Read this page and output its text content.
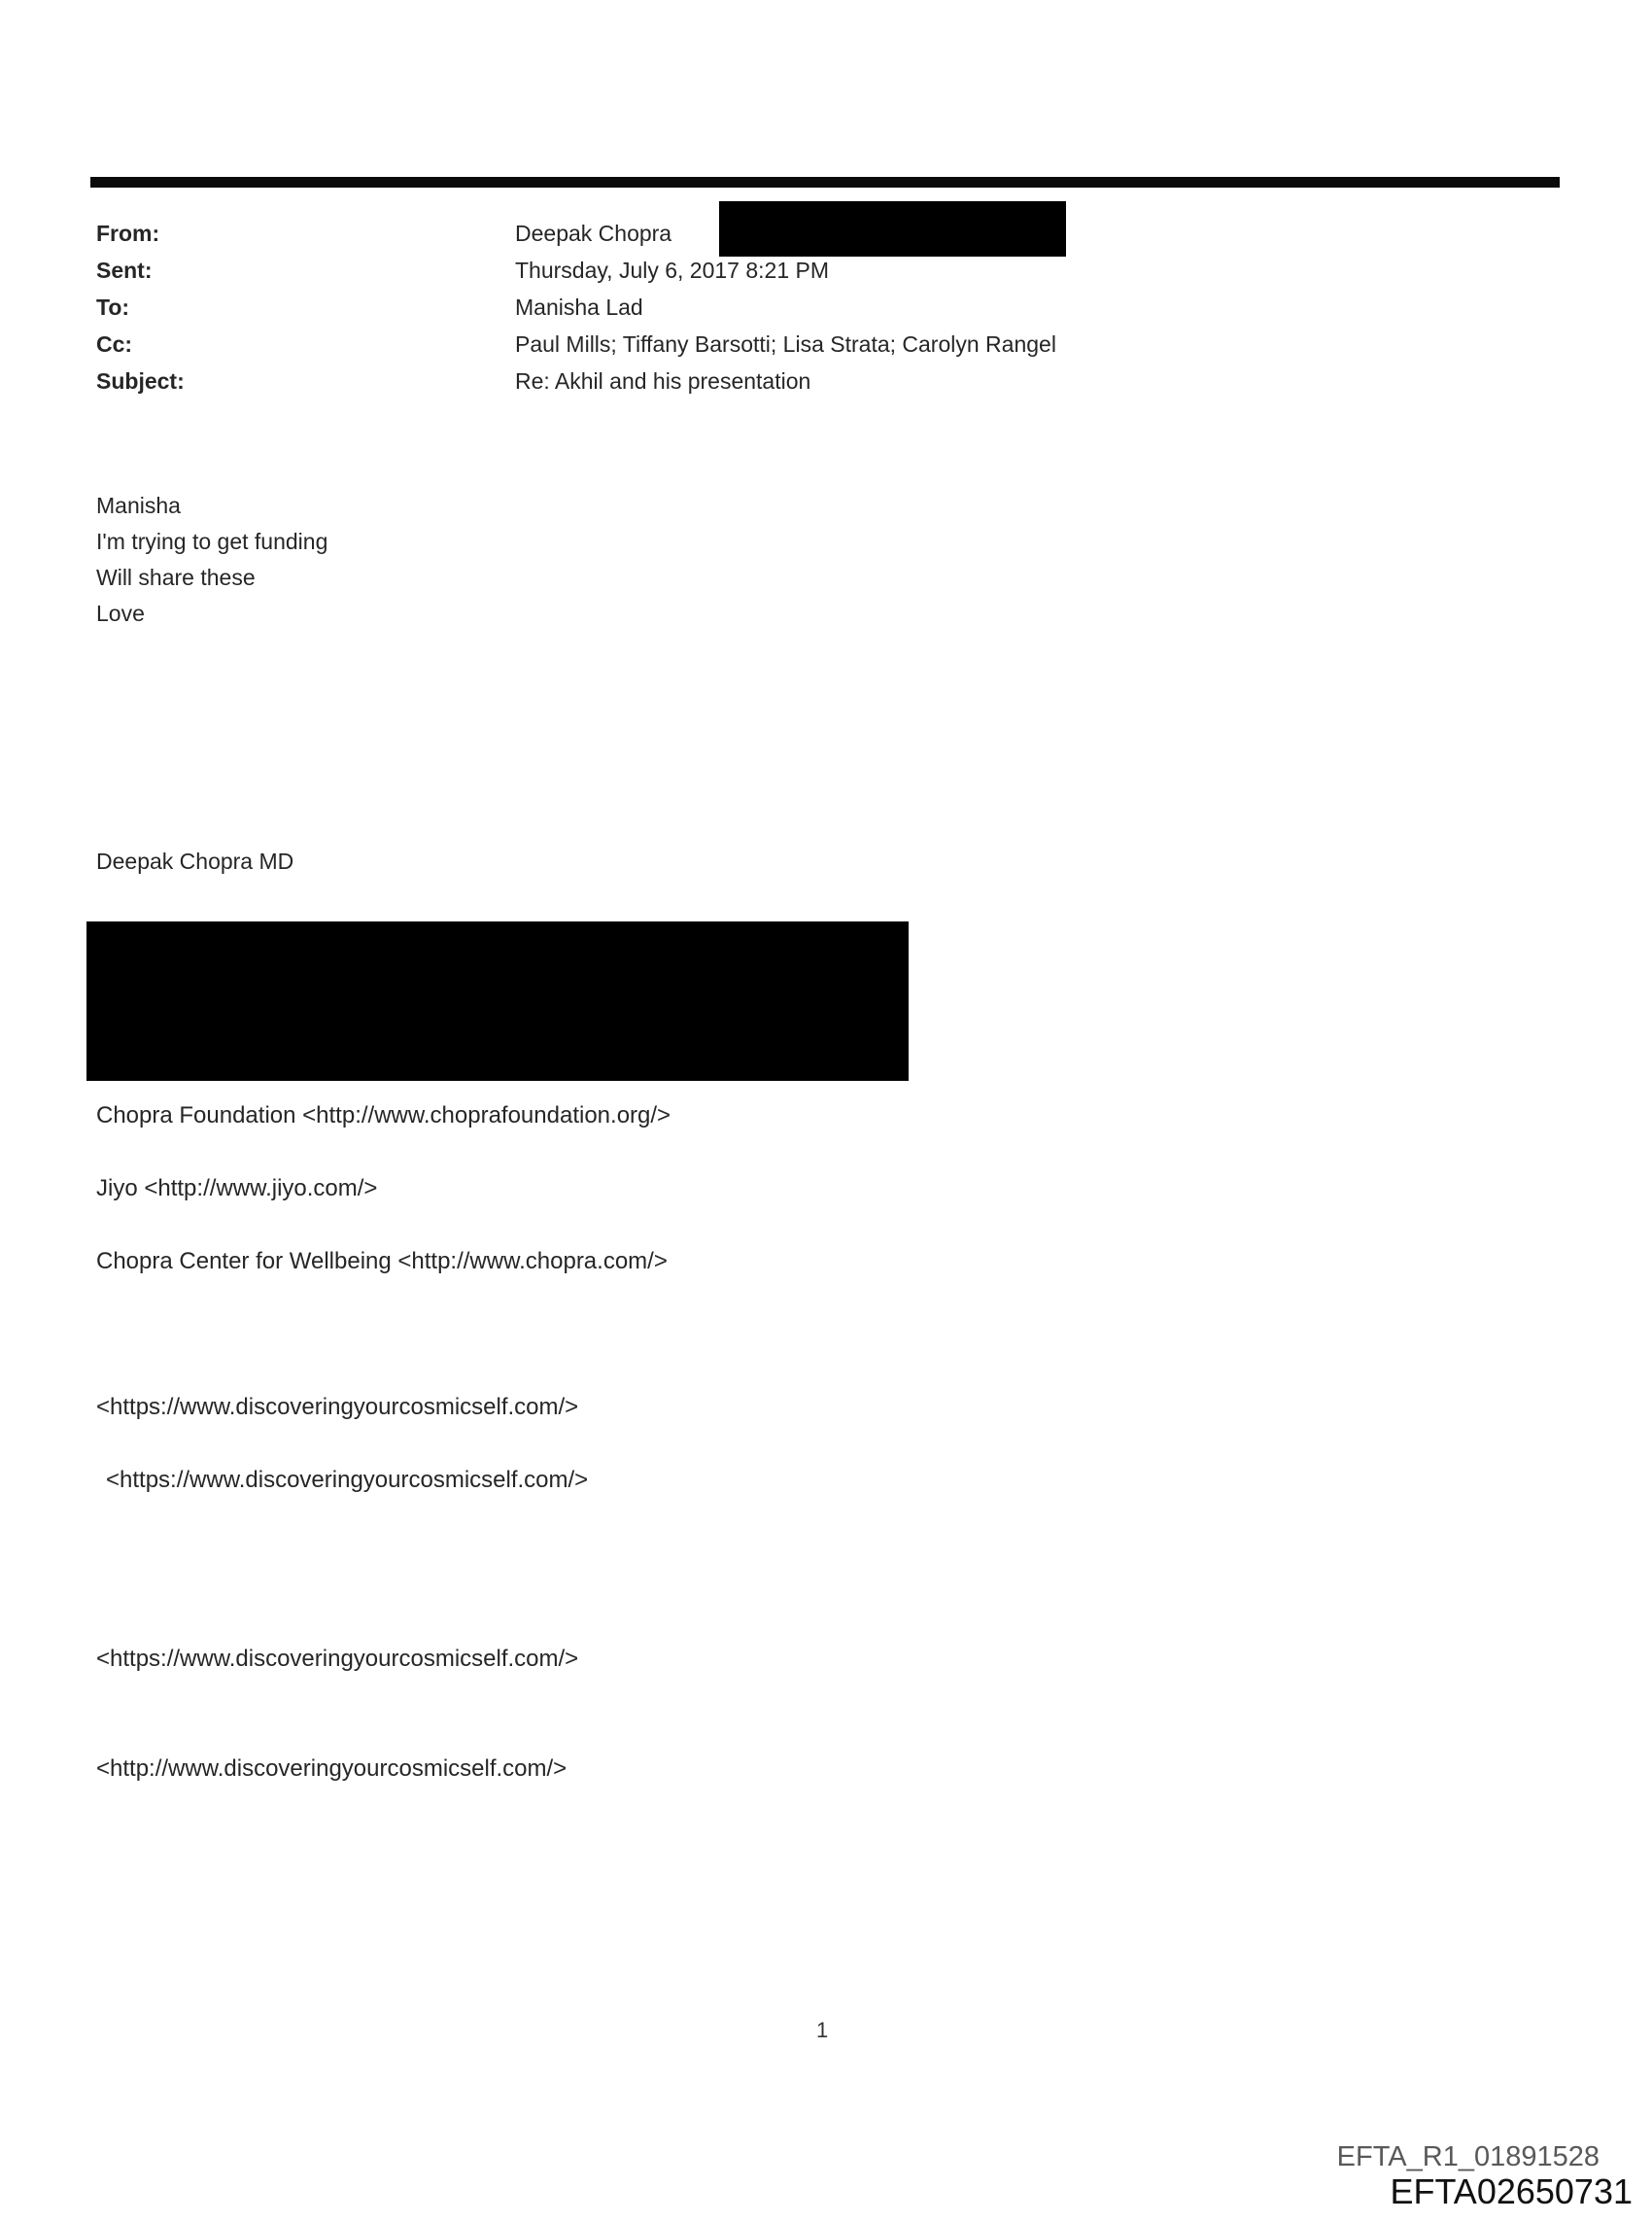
From:	Deepak Chopra
Sent:	Thursday, July 6, 2017 8:21 PM
To:	Manisha Lad
Cc:	Paul Mills; Tiffany Barsotti; Lisa Strata; Carolyn Rangel
Subject:	Re: Akhil and his presentation
Manisha
I'm trying to get funding
Will share these
Love
Deepak Chopra MD
Chopra Foundation <http://www.choprafoundation.org/>
Jiyo <http://www.jiyo.com/>
Chopra Center for Wellbeing <http://www.chopra.com/>
<https://www.discoveringyourcosmicself.com/>
<https://www.discoveringyourcosmicself.com/>
<https://www.discoveringyourcosmicself.com/>
<http://www.discoveringyourcosmicself.com/>
1
EFTA_R1_01891528
EFTA02650731
